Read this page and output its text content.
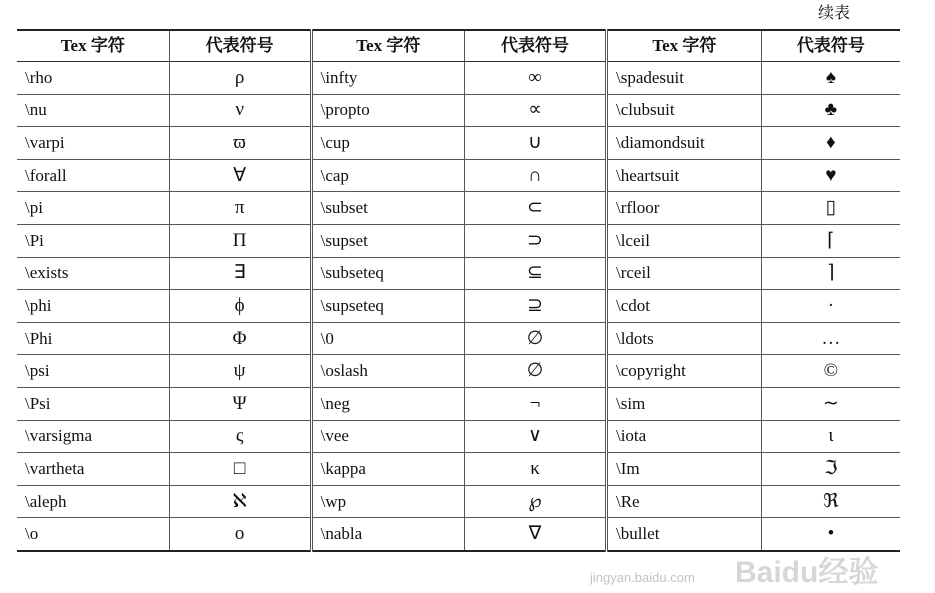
续表
Tex 字符	代表符号	Tex 字符	代表符号	Tex 字符	代表符号
\rho	ρ	\infty	∞	\spadesuit	♠
\nu	ν	\propto	∝	\clubsuit	♣
\varpi	ϖ	\cup	∪	\diamondsuit	♦
\forall	∀	\cap	∩	\heartsuit	♥
\pi	π	\subset	⊂	\rfloor	▯
\Pi	Π	\supset	⊃	\lceil	⌈
\exists	∃	\subseteq	⊆	\rceil	⌉
\phi	ϕ	\supseteq	⊇	\cdot	·
\Phi	Φ	\0	∅	\ldots	…
\psi	ψ	\oslash	∅	\copyright	©
\Psi	Ψ	\neg	¬	\sim	∼
\varsigma	ς	\vee	∨	\iota	ι
\vartheta	□	\kappa	κ	\Im	ℑ
\aleph	ℵ	\wp	℘	\Re	ℜ
\o	o	\nabla	∇	\bullet	•
jingyan.baidu.com Baidu经验
